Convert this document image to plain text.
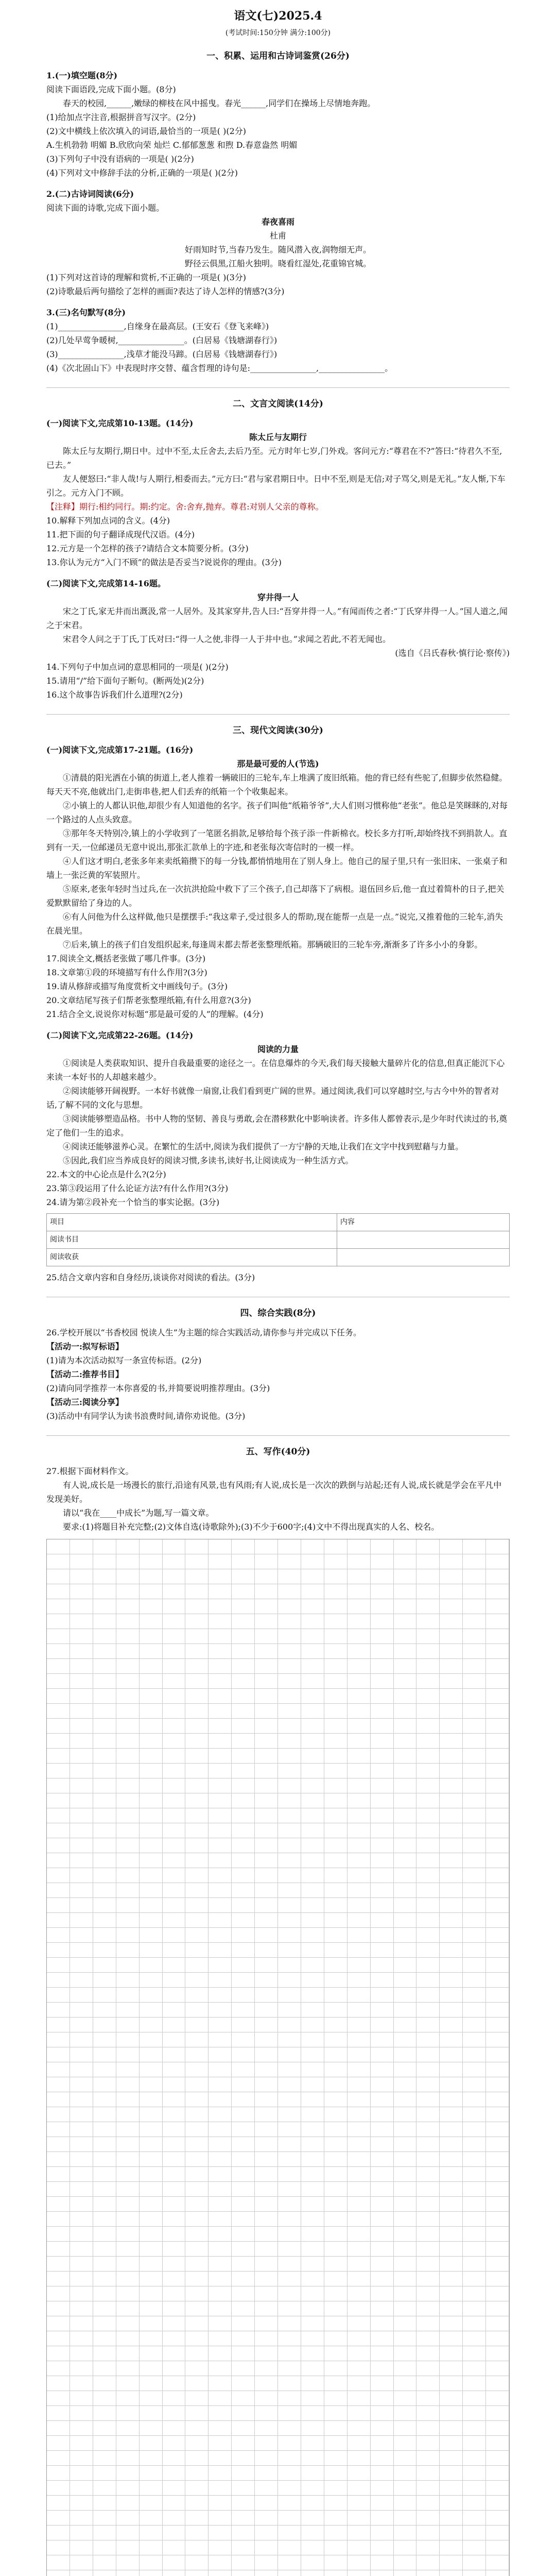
语文(七)2025.4

(考试时间:150分钟 满分:100分)

一、积累、运用和古诗词鉴赏(26分)

1.(一)填空题(8分)

阅读下面语段,完成下面小题。(8分)

春天的校园,______,嫩绿的柳枝在风中摇曳。春光______,同学们在操场上尽情地奔跑。

(1)给加点字注音,根据拼音写汉字。(2分)

(2)文中横线上依次填入的词语,最恰当的一项是( )(2分)

A.生机勃勃 明媚 B.欣欣向荣 灿烂 C.郁郁葱葱 和煦 D.春意盎然 明媚

(3)下列句子中没有语病的一项是( )(2分)

(4)下列对文中修辞手法的分析,正确的一项是( )(2分)

2.(二)古诗词阅读(6分)

阅读下面的诗歌,完成下面小题。

春夜喜雨

杜甫

好雨知时节,当春乃发生。随风潜入夜,润物细无声。

野径云俱黑,江船火独明。晓看红湿处,花重锦官城。

(1)下列对这首诗的理解和赏析,不正确的一项是( )(3分)

(2)诗歌最后两句描绘了怎样的画面?表达了诗人怎样的情感?(3分)

3.(三)名句默写(8分)

(1)________________,自缘身在最高层。(王安石《登飞来峰》)

(2)几处早莺争暖树,________________。(白居易《钱塘湖春行》)

(3)________________,浅草才能没马蹄。(白居易《钱塘湖春行》)

(4)《次北固山下》中表现时序交替、蕴含哲理的诗句是:________________,________________。

二、文言文阅读(14分)

(一)阅读下文,完成第10-13题。(14分)

陈太丘与友期行

陈太丘与友期行,期日中。过中不至,太丘舍去,去后乃至。元方时年七岁,门外戏。客问元方:“尊君在不?”答曰:“待君久不至,已去。”

友人便怒曰:“非人哉!与人期行,相委而去。”元方曰:“君与家君期日中。日中不至,则是无信;对子骂父,则是无礼。”友人惭,下车引之。元方入门不顾。

【注释】期行:相约同行。期:约定。舍:舍弃,抛弃。尊君:对别人父亲的尊称。

10.解释下列加点词的含义。(4分)

11.把下面的句子翻译成现代汉语。(4分)

12.元方是一个怎样的孩子?请结合文本简要分析。(3分)

13.你认为元方“入门不顾”的做法是否妥当?说说你的理由。(3分)

(二)阅读下文,完成第14-16题。

穿井得一人

宋之丁氏,家无井而出溉汲,常一人居外。及其家穿井,告人曰:“吾穿井得一人。”有闻而传之者:“丁氏穿井得一人。”国人道之,闻之于宋君。

宋君令人问之于丁氏,丁氏对曰:“得一人之使,非得一人于井中也。”求闻之若此,不若无闻也。

(选自《吕氏春秋·慎行论·察传》)

14.下列句子中加点词的意思相同的一项是( )(2分)

15.请用“/”给下面句子断句。(断两处)(2分)

16.这个故事告诉我们什么道理?(2分)

三、现代文阅读(30分)

(一)阅读下文,完成第17-21题。(16分)

那是最可爱的人(节选)

①清晨的阳光洒在小镇的街道上,老人推着一辆破旧的三轮车,车上堆满了废旧纸箱。他的背已经有些驼了,但脚步依然稳健。每天天不亮,他就出门,走街串巷,把人们丢弃的纸箱一个个收集起来。

②小镇上的人都认识他,却很少有人知道他的名字。孩子们叫他“纸箱爷爷”,大人们则习惯称他“老张”。他总是笑眯眯的,对每一个路过的人点头致意。

③那年冬天特别冷,镇上的小学收到了一笔匿名捐款,足够给每个孩子添一件新棉衣。校长多方打听,却始终找不到捐款人。直到有一天,一位邮递员无意中说出,那张汇款单上的字迹,和老张每次寄信时的一模一样。

④人们这才明白,老张多年来卖纸箱攒下的每一分钱,都悄悄地用在了别人身上。他自己的屋子里,只有一张旧床、一张桌子和墙上一张泛黄的军装照片。

⑤原来,老张年轻时当过兵,在一次抗洪抢险中救下了三个孩子,自己却落下了病根。退伍回乡后,他一直过着简朴的日子,把关爱默默留给了身边的人。

⑥有人问他为什么这样做,他只是摆摆手:“我这辈子,受过很多人的帮助,现在能帮一点是一点。”说完,又推着他的三轮车,消失在晨光里。

⑦后来,镇上的孩子们自发组织起来,每逢周末都去帮老张整理纸箱。那辆破旧的三轮车旁,渐渐多了许多小小的身影。

17.阅读全文,概括老张做了哪几件事。(3分)

18.文章第①段的环境描写有什么作用?(3分)

19.请从修辞或描写角度赏析文中画线句子。(3分)

20.文章结尾写孩子们帮老张整理纸箱,有什么用意?(3分)

21.结合全文,说说你对标题“那是最可爱的人”的理解。(4分)

(二)阅读下文,完成第22-26题。(14分)

阅读的力量

①阅读是人类获取知识、提升自我最重要的途径之一。在信息爆炸的今天,我们每天接触大量碎片化的信息,但真正能沉下心来读一本好书的人却越来越少。

②阅读能够开阔视野。一本好书就像一扇窗,让我们看到更广阔的世界。通过阅读,我们可以穿越时空,与古今中外的智者对话,了解不同的文化与思想。

③阅读能够塑造品格。书中人物的坚韧、善良与勇敢,会在潜移默化中影响读者。许多伟人都曾表示,是少年时代读过的书,奠定了他们一生的追求。

④阅读还能够滋养心灵。在繁忙的生活中,阅读为我们提供了一方宁静的天地,让我们在文字中找到慰藉与力量。

⑤因此,我们应当养成良好的阅读习惯,多读书,读好书,让阅读成为一种生活方式。

22.本文的中心论点是什么?(2分)

23.第③段运用了什么论证方法?有什么作用?(3分)

24.请为第②段补充一个恰当的事实论据。(3分)

项目	内容
阅读书目	
阅读收获	

25.结合文章内容和自身经历,谈谈你对阅读的看法。(3分)

四、综合实践(8分)

26.学校开展以“书香校园 悦读人生”为主题的综合实践活动,请你参与并完成以下任务。

【活动一:拟写标语】

(1)请为本次活动拟写一条宣传标语。(2分)

【活动二:推荐书目】

(2)请向同学推荐一本你喜爱的书,并简要说明推荐理由。(3分)

【活动三:阅读分享】

(3)活动中有同学认为读书浪费时间,请你劝说他。(3分)

五、写作(40分)

27.根据下面材料作文。

有人说,成长是一场漫长的旅行,沿途有风景,也有风雨;有人说,成长是一次次的跌倒与站起;还有人说,成长就是学会在平凡中发现美好。

请以“我在____中成长”为题,写一篇文章。

要求:(1)将题目补充完整;(2)文体自选(诗歌除外);(3)不少于600字;(4)文中不得出现真实的人名、校名。
